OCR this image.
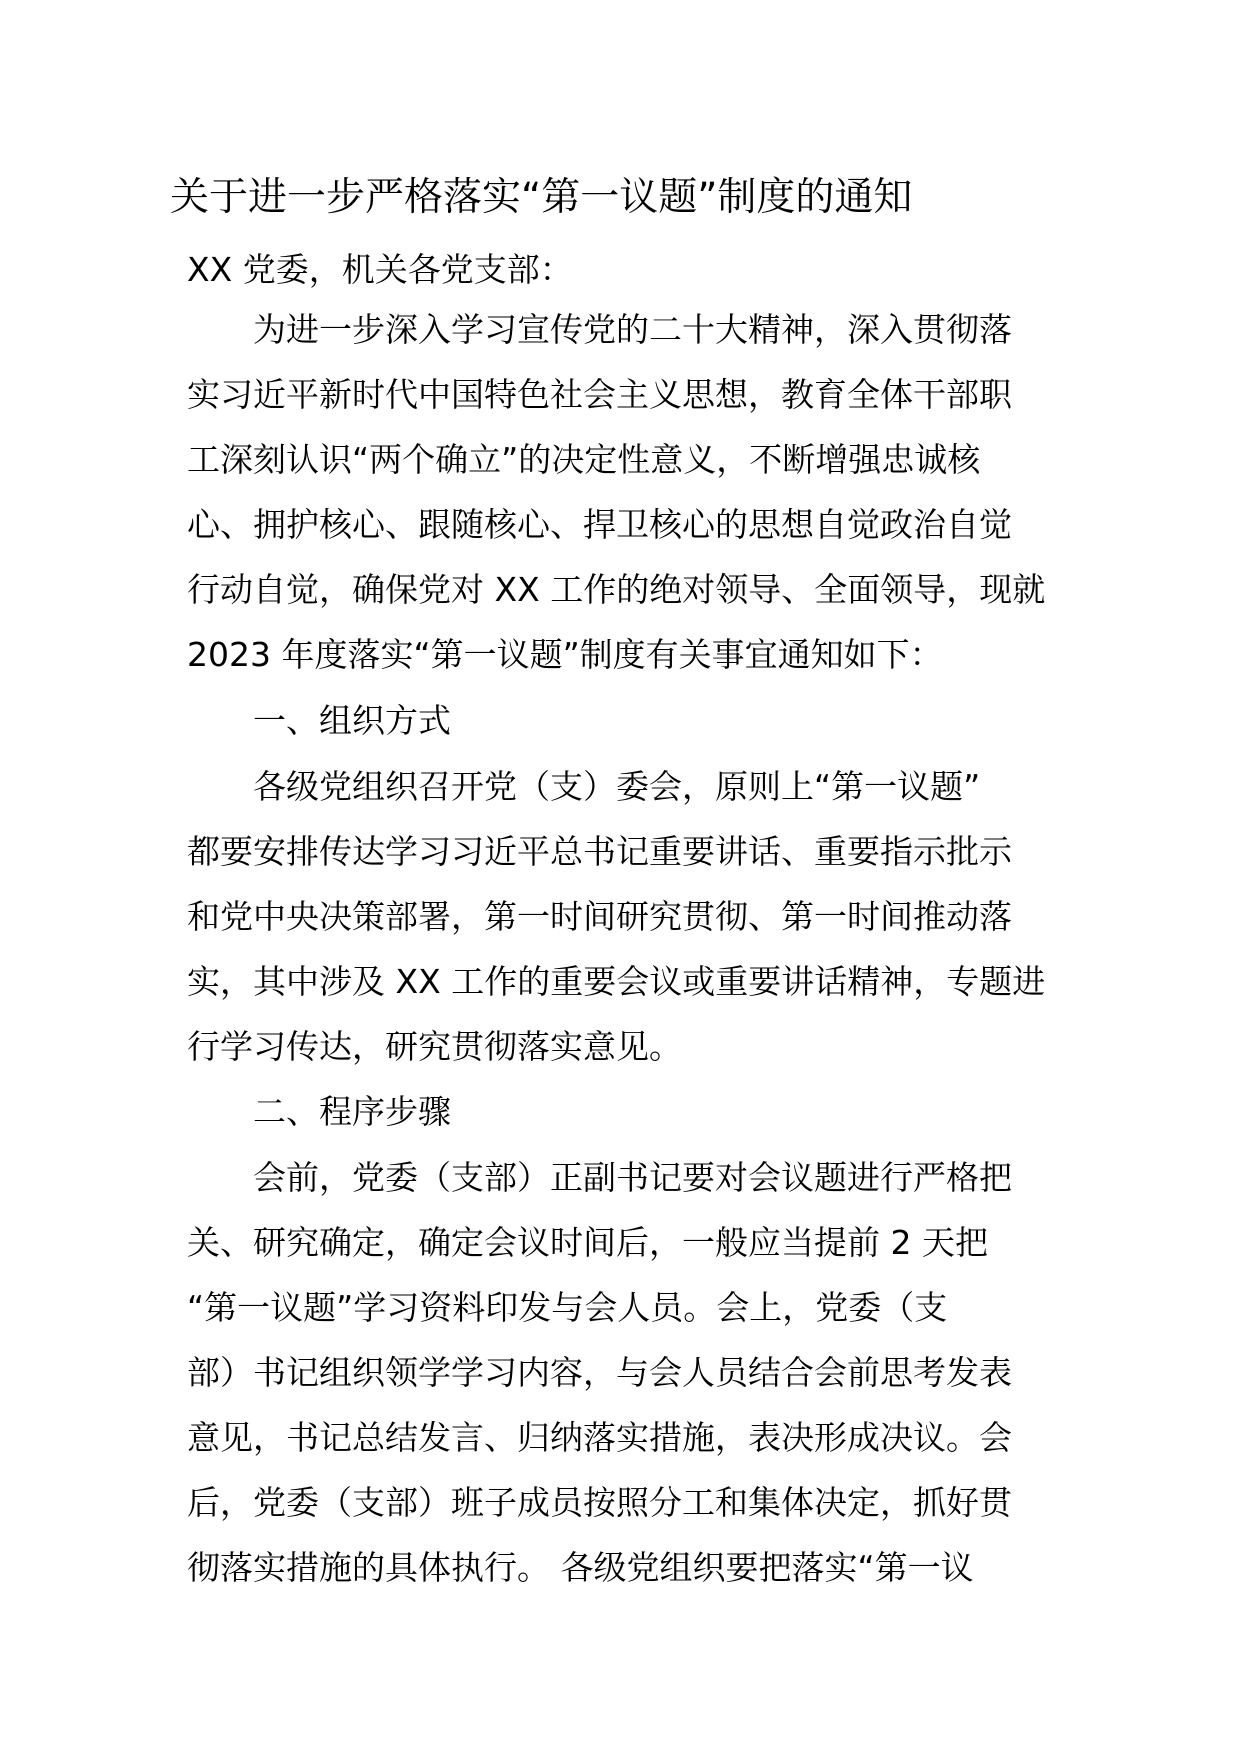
关于进一步严格落实“第一议题”制度的通知
XX 党委，机关各党支部：
为进一步深入学习宣传党的二十大精神，深入贯彻落
实习近平新时代中国特色社会主义思想，教育全体干部职
工深刻认识“两个确立”的决定性意义，不断增强忠诚核
心、拥护核心、跟随核心、捍卫核心的思想自觉政治自觉
行动自觉，确保党对 XX 工作的绝对领导、全面领导，现就
2023 年度落实“第一议题”制度有关事宜通知如下：
一、组织方式
各级党组织召开党（支）委会，原则上“第一议题”
都要安排传达学习习近平总书记重要讲话、重要指示批示
和党中央决策部署，第一时间研究贯彻、第一时间推动落
实，其中涉及 XX 工作的重要会议或重要讲话精神，专题进
行学习传达，研究贯彻落实意见。
二、程序步骤
会前，党委（支部）正副书记要对会议题进行严格把
关、研究确定，确定会议时间后，一般应当提前 2 天把
“第一议题”学习资料印发与会人员。会上，党委（支
部）书记组织领学学习内容，与会人员结合会前思考发表
意见，书记总结发言、归纳落实措施，表决形成决议。会
后，党委（支部）班子成员按照分工和集体决定，抓好贯
彻落实措施的具体执行。 各级党组织要把落实“第一议
